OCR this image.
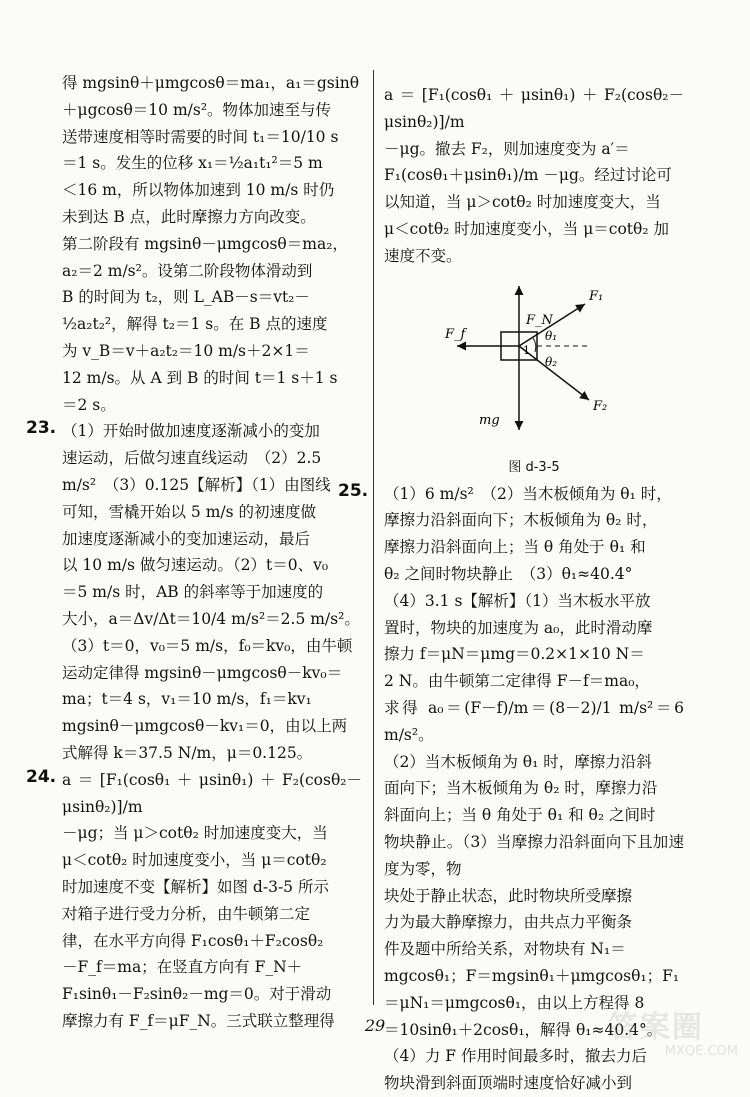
得 mgsinθ＋μmgcosθ＝ma₁，a₁＝gsinθ

＋μgcosθ＝10 m/s²。物体加速至与传

送带速度相等时需要的时间 t₁＝10/10 s

＝1 s。发生的位移 x₁＝½a₁t₁²＝5 m

＜16 m，所以物体加速到 10 m/s 时仍

未到达 B 点，此时摩擦力方向改变。

第二阶段有 mgsinθ－μmgcosθ＝ma₂，

a₂＝2 m/s²。设第二阶段物体滑动到

B 的时间为 t₂，则 L_AB－s＝vt₂－

½a₂t₂²，解得 t₂＝1 s。在 B 点的速度

为 v_B＝v＋a₂t₂＝10 m/s＋2×1＝

12 m/s。从 A 到 B 的时间 t＝1 s＋1 s

＝2 s。

23. （1）开始时做加速度逐渐减小的变加

速运动，后做匀速直线运动　（2）2.5

m/s²　（3）0.125【解析】（1）由图线

可知，雪橇开始以 5 m/s 的初速度做

加速度逐渐减小的变加速运动，最后

以 10 m/s 做匀速运动。（2）t＝0、v₀

＝5 m/s 时，AB 的斜率等于加速度的

大小，a＝Δv/Δt＝10/4 m/s²＝2.5 m/s²。

（3）t＝0，v₀＝5 m/s，f₀＝kv₀，由牛顿

运动定律得 mgsinθ－μmgcosθ－kv₀＝

ma；t＝4 s，v₁＝10 m/s，f₁＝kv₁

mgsinθ－μmgcosθ－kv₁＝0，由以上两

式解得 k＝37.5 N/m，μ＝0.125。

24. a＝[F₁(cosθ₁＋μsinθ₁)＋F₂(cosθ₂－μsinθ₂)]/m

－μg；当 μ＞cotθ₂ 时加速度变大，当

μ＜cotθ₂ 时加速度变小，当 μ＝cotθ₂

时加速度不变【解析】如图 d-3-5 所示

对箱子进行受力分析，由牛顿第二定

律，在水平方向得 F₁cosθ₁＋F₂cosθ₂

－F_f＝ma；在竖直方向有 F_N＋

F₁sinθ₁－F₂sinθ₂－mg＝0。对于滑动

摩擦力有 F_f＝μF_N。三式联立整理得

a＝[F₁(cosθ₁＋μsinθ₁)＋F₂(cosθ₂－μsinθ₂)]/m

－μg。撤去 F₂，则加速度变为 a′＝

F₁(cosθ₁＋μsinθ₁)/m －μg。经过讨论可

以知道，当 μ＞cotθ₂ 时加速度变大，当

μ＜cotθ₂ 时加速度变小，当 μ＝cotθ₂ 加

速度不变。

F_N
F₁
F_f	θ₁
θ₂
1
mg
F₂
图 d-3-5
25. （1）6 m/s²　（2）当木板倾角为 θ₁ 时，

摩擦力沿斜面向下；木板倾角为 θ₂ 时，

摩擦力沿斜面向上；当 θ 角处于 θ₁ 和

θ₂ 之间时物块静止　（3）θ₁≈40.4°

（4）3.1 s【解析】（1）当木板水平放

置时，物块的加速度为 a₀，此时滑动摩

擦力 f＝μN＝μmg＝0.2×1×10 N＝

2 N。由牛顿第二定律得 F－f＝ma₀，

求得 a₀＝(F－f)/m＝(8－2)/1 m/s²＝6 m/s²。

（2）当木板倾角为 θ₁ 时，摩擦力沿斜

面向下；当木板倾角为 θ₂ 时，摩擦力沿

斜面向上；当 θ 角处于 θ₁ 和 θ₂ 之间时

物块静止。（3）当摩擦力沿斜面向下且加速度为零，物

块处于静止状态，此时物块所受摩擦

力为最大静摩擦力，由共点力平衡条

件及题中所给关系，对物块有 N₁＝

mgcosθ₁；F＝mgsinθ₁＋μmgcosθ₁；F₁

＝μN₁＝μmgcosθ₁，由以上方程得 8

＝10sinθ₁＋2cosθ₁，解得 θ₁≈40.4°。

（4）力 F 作用时间最多时，撤去力后

物块滑到斜面顶端时速度恰好减小到

29	答案圈
MXQE.COM
